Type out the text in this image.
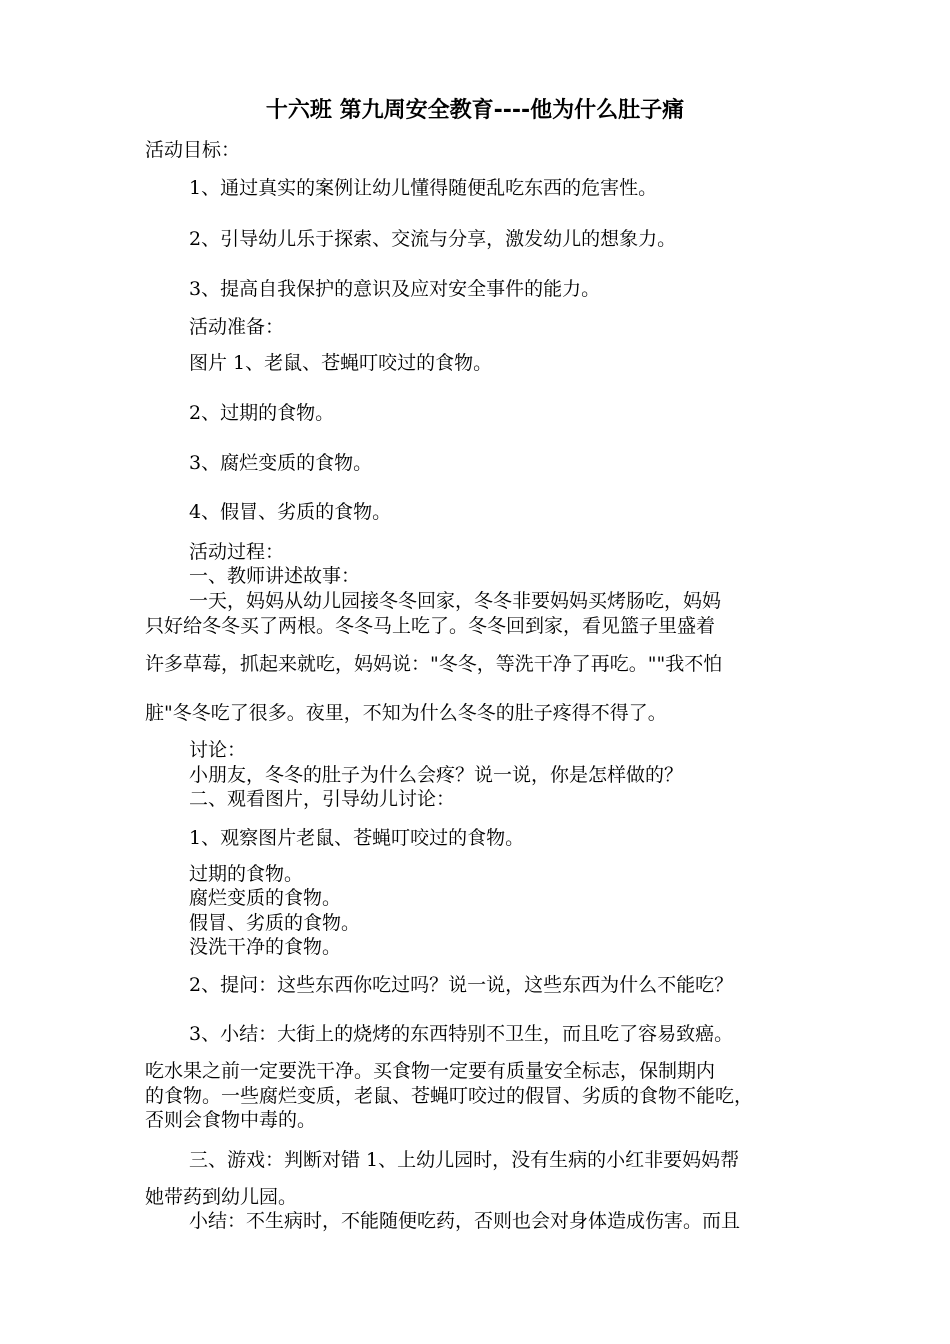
十六班 第九周安全教育----他为什么肚子痛

活动目标：

1、通过真实的案例让幼儿懂得随便乱吃东西的危害性。

2、引导幼儿乐于探索、交流与分享，激发幼儿的想象力。

3、提高自我保护的意识及应对安全事件的能力。

活动准备：

图片 1、老鼠、苍蝇叮咬过的食物。

2、过期的食物。

3、腐烂变质的食物。

4、假冒、劣质的食物。

活动过程：

一、教师讲述故事：

一天，妈妈从幼儿园接冬冬回家，冬冬非要妈妈买烤肠吃，妈妈

只好给冬冬买了两根。冬冬马上吃了。冬冬回到家，看见篮子里盛着

许多草莓，抓起来就吃，妈妈说："冬冬，等洗干净了再吃。""我不怕

脏"冬冬吃了很多。夜里，不知为什么冬冬的肚子疼得不得了。

讨论：

小朋友，冬冬的肚子为什么会疼？说一说，你是怎样做的？

二、观看图片，引导幼儿讨论：

1、观察图片老鼠、苍蝇叮咬过的食物。

过期的食物。

腐烂变质的食物。

假冒、劣质的食物。

没洗干净的食物。

2、提问：这些东西你吃过吗？说一说，这些东西为什么不能吃？

3、小结：大街上的烧烤的东西特别不卫生，而且吃了容易致癌。

吃水果之前一定要洗干净。买食物一定要有质量安全标志，保制期内

的食物。一些腐烂变质，老鼠、苍蝇叮咬过的假冒、劣质的食物不能吃，

否则会食物中毒的。

三、游戏：判断对错 1、上幼儿园时，没有生病的小红非要妈妈帮

她带药到幼儿园。

小结：不生病时，不能随便吃药，否则也会对身体造成伤害。而且
